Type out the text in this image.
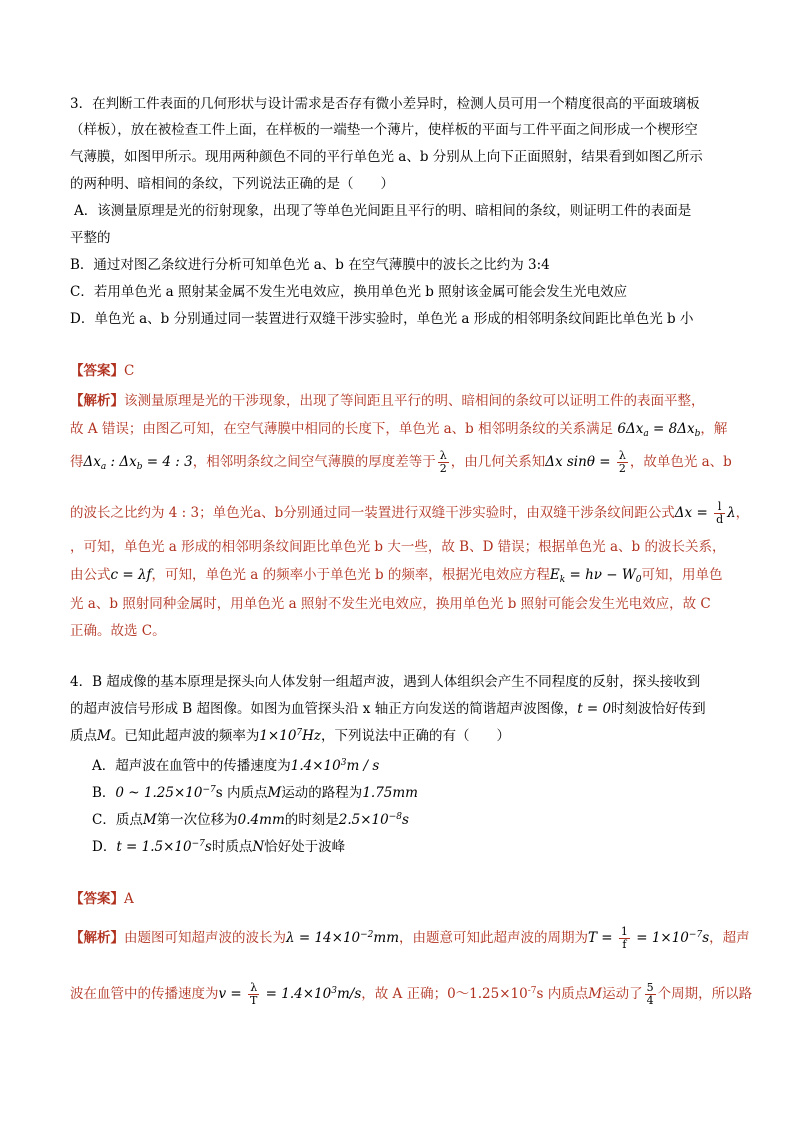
3．在判断工件表面的几何形状与设计需求是否存有微小差异时，检测人员可用一个精度很高的平面玻璃板
（样板），放在被检查工件上面，在样板的一端垫一个薄片，使样板的平面与工件平面之间形成一个楔形空
气薄膜，如图甲所示。现用两种颜色不同的平行单色光 a、b 分别从上向下正面照射，结果看到如图乙所示
的两种明、暗相间的条纹，下列说法正确的是（　　）
A．该测量原理是光的衍射现象，出现了等单色光间距且平行的明、暗相间的条纹，则证明工件的表面是
平整的
B．通过对图乙条纹进行分析可知单色光 a、b 在空气薄膜中的波长之比约为 3:4
C．若用单色光 a 照射某金属不发生光电效应，换用单色光 b 照射该金属可能会发生光电效应
D．单色光 a、b 分别通过同一装置进行双缝干涉实验时，单色光 a 形成的相邻明条纹间距比单色光 b 小
【答案】C
【解析】该测量原理是光的干涉现象，出现了等间距且平行的明、暗相间的条纹可以证明工件的表面平整，
故 A 错误；由图乙可知，在空气薄膜中相同的长度下，单色光 a、b 相邻明条纹的关系满足 $6\Delta x_a = 8\Delta x_b$，解
得$\Delta x_a$ : $\Delta x_b = 4$ : 3，相邻明条纹之间空气薄膜的厚度差等于 $\frac{\lambda}{2}$ ，由几何关系知Δx $\sin\theta = \frac{\lambda}{2}$ ，故单色光 a、b
的波长之比约为 4 : 3；单色光a、b分别通过同一装置进行双缝干涉实验时，由双缝干涉条纹间距公式$\Delta x = \frac{l}{d}$ λ，
，可知，单色光 a 形成的相邻明条纹间距比单色光 b 大一些，故 B、D 错误；根据单色光 a、b 的波长关系，
由公式c = λf，可知，单色光 a 的频率小于单色光 b 的频率，根据光电效应方程$E_k = h\nu - W_0$可知，用单色
光 a、b 照射同种金属时，用单色光 a 照射不发生光电效应，换用单色光 b 照射可能会发生光电效应，故 C
正确。故选 C。
4．B 超成像的基本原理是探头向人体发射一组超声波，遇到人体组织会产生不同程度的反射，探头接收到
的超声波信号形成 B 超图像。如图为血管探头沿 x 轴正方向发送的简谐超声波图像，t = 0时刻波恰好传到
质点M。已知此超声波的频率为$1\times 10^7Hz$，下列说法中正确的有（　　）
A．超声波在血管中的传播速度为$1.4\times 10^3m / s$
B．0 ~ $1.25\times 10^{-7}s$ 内质点M运动的路程为1.75mm
C．质点M第一次位移为0.4mm的时刻是$2.5\times 10^{-8}s$
D．$t = 1.5\times 10^{-7}s$时质点N恰好处于波峰
【答案】A
【解析】由题图可知超声波的波长为$\lambda = 14\times 10^{-2}mm$，由题意可知此超声波的周期为$T = \frac{1}{f} = 1\times 10^{-7}s$，超声
波在血管中的传播速度为$v = \frac{\lambda}{T} = 1.4\times 10^3m/s$，故 A 正确；$0\sim 1.25\times 10^{-7}s$ 内质点M运动了 $\frac{5}{4}$ 个周期，所以路
